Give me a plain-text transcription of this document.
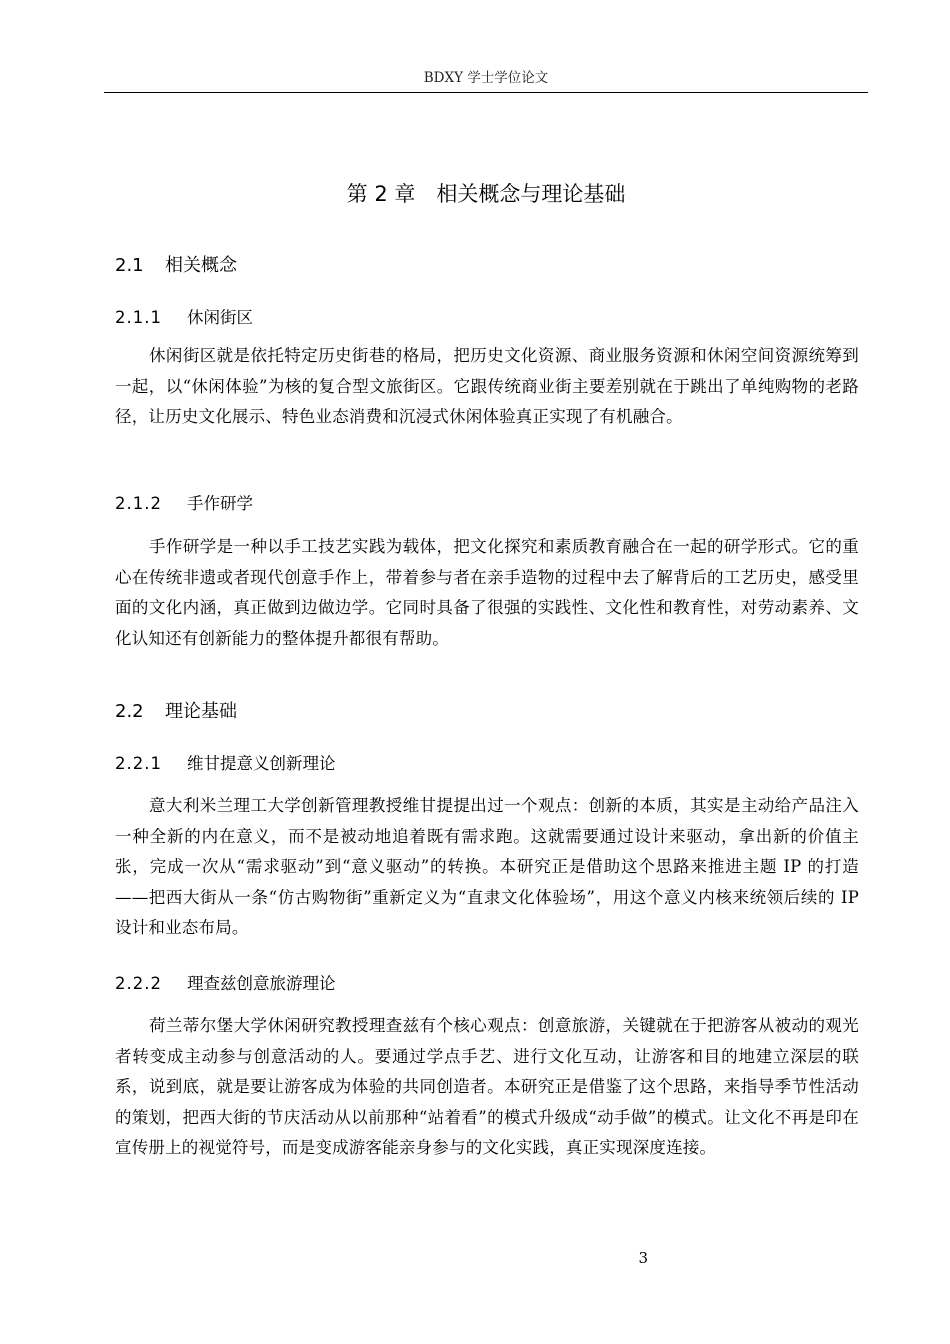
BDXY 学士学位论文
第 2 章　相关概念与理论基础
2.1 相关概念
2.1.1 休闲街区

休闲街区就是依托特定历史街巷的格局，把历史文化资源、商业服务资源和休闲空间资源统筹到一起，以“休闲体验”为核的复合型文旅街区。它跟传统商业街主要差别就在于跳出了单纯购物的老路径，让历史文化展示、特色业态消费和沉浸式休闲体验真正实现了有机融合。

2.1.2 手作研学

手作研学是一种以手工技艺实践为载体，把文化探究和素质教育融合在一起的研学形式。它的重心在传统非遗或者现代创意手作上，带着参与者在亲手造物的过程中去了解背后的工艺历史，感受里面的文化内涵，真正做到边做边学。它同时具备了很强的实践性、文化性和教育性，对劳动素养、文化认知还有创新能力的整体提升都很有帮助。

2.2 理论基础
2.2.1 维甘提意义创新理论

意大利米兰理工大学创新管理教授维甘提提出过一个观点：创新的本质，其实是主动给产品注入一种全新的内在意义，而不是被动地追着既有需求跑。这就需要通过设计来驱动，拿出新的价值主张，完成一次从“需求驱动”到“意义驱动”的转换。本研究正是借助这个思路来推进主题 IP 的打造——把西大街从一条“仿古购物街”重新定义为“直隶文化体验场”，用这个意义内核来统领后续的 IP 设计和业态布局。

2.2.2 理查兹创意旅游理论

荷兰蒂尔堡大学休闲研究教授理查兹有个核心观点：创意旅游，关键就在于把游客从被动的观光者转变成主动参与创意活动的人。要通过学点手艺、进行文化互动，让游客和目的地建立深层的联系，说到底，就是要让游客成为体验的共同创造者。本研究正是借鉴了这个思路，来指导季节性活动的策划，把西大街的节庆活动从以前那种“站着看”的模式升级成“动手做”的模式。让文化不再是印在宣传册上的视觉符号，而是变成游客能亲身参与的文化实践，真正实现深度连接。

3
